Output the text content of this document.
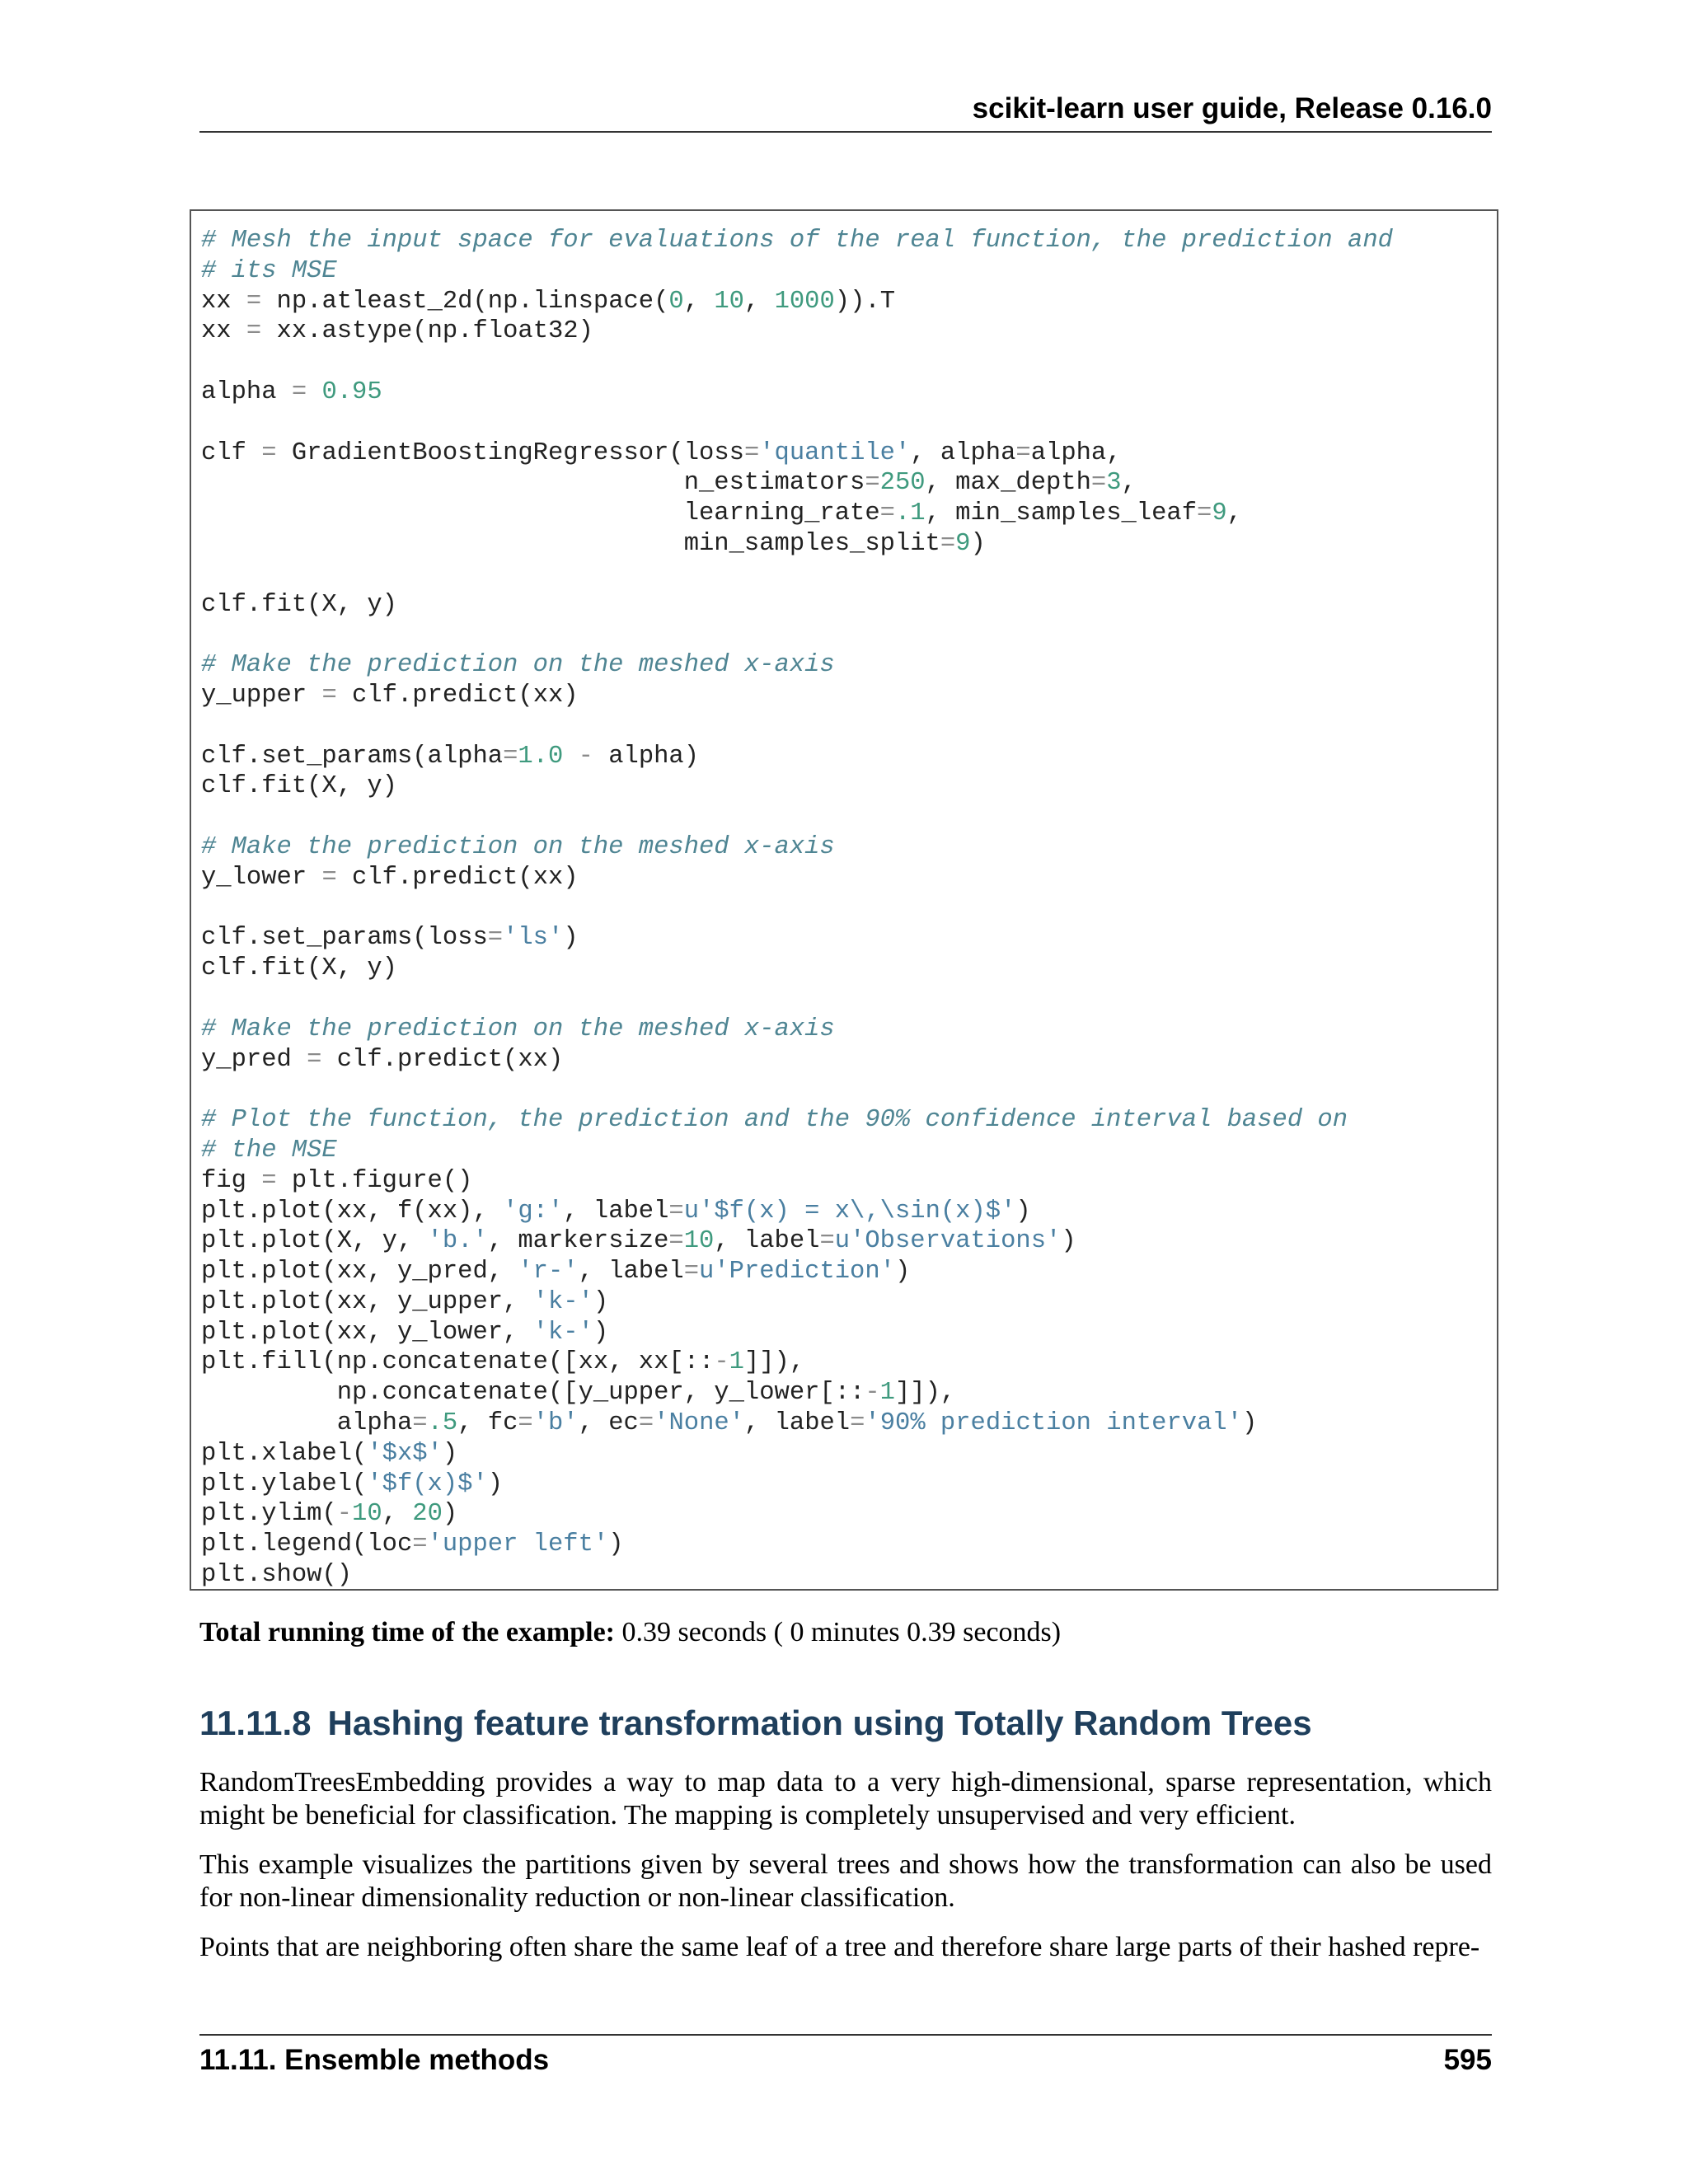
scikit-learn user guide, Release 0.16.0
# Mesh the input space for evaluations of the real function, the prediction and
# its MSE
xx = np.atleast_2d(np.linspace(0, 10, 1000)).T
xx = xx.astype(np.float32)
alpha = 0.95
clf = GradientBoostingRegressor(loss='quantile', alpha=alpha,
n_estimators=250, max_depth=3,
learning_rate=.1, min_samples_leaf=9,
min_samples_split=9)
clf.fit(X, y)
# Make the prediction on the meshed x-axis
y_upper = clf.predict(xx)
clf.set_params(alpha=1.0 - alpha)
clf.fit(X, y)
# Make the prediction on the meshed x-axis
y_lower = clf.predict(xx)
clf.set_params(loss='ls')
clf.fit(X, y)
# Make the prediction on the meshed x-axis
y_pred = clf.predict(xx)
# Plot the function, the prediction and the 90% confidence interval based on
# the MSE
fig = plt.figure()
plt.plot(xx, f(xx), 'g:', label=u'$f(x) = x\,\sin(x)$')
plt.plot(X, y, 'b.', markersize=10, label=u'Observations')
plt.plot(xx, y_pred, 'r-', label=u'Prediction')
plt.plot(xx, y_upper, 'k-')
plt.plot(xx, y_lower, 'k-')
plt.fill(np.concatenate([xx, xx[::-1]]),
np.concatenate([y_upper, y_lower[::-1]]),
alpha=.5, fc='b', ec='None', label='90% prediction interval')
plt.xlabel('$x$')
plt.ylabel('$f(x)$')
plt.ylim(-10, 20)
plt.legend(loc='upper left')
plt.show()
Total running time of the example: 0.39 seconds ( 0 minutes 0.39 seconds)
11.11.8 Hashing feature transformation using Totally Random Trees

RandomTreesEmbedding provides a way to map data to a very high-dimensional, sparse representation, which might be beneficial for classification. The mapping is completely unsupervised and very efficient.

This example visualizes the partitions given by several trees and shows how the transformation can also be used for non-linear dimensionality reduction or non-linear classification.

Points that are neighboring often share the same leaf of a tree and therefore share large parts of their hashed repre-

11.11. Ensemble methods	595
